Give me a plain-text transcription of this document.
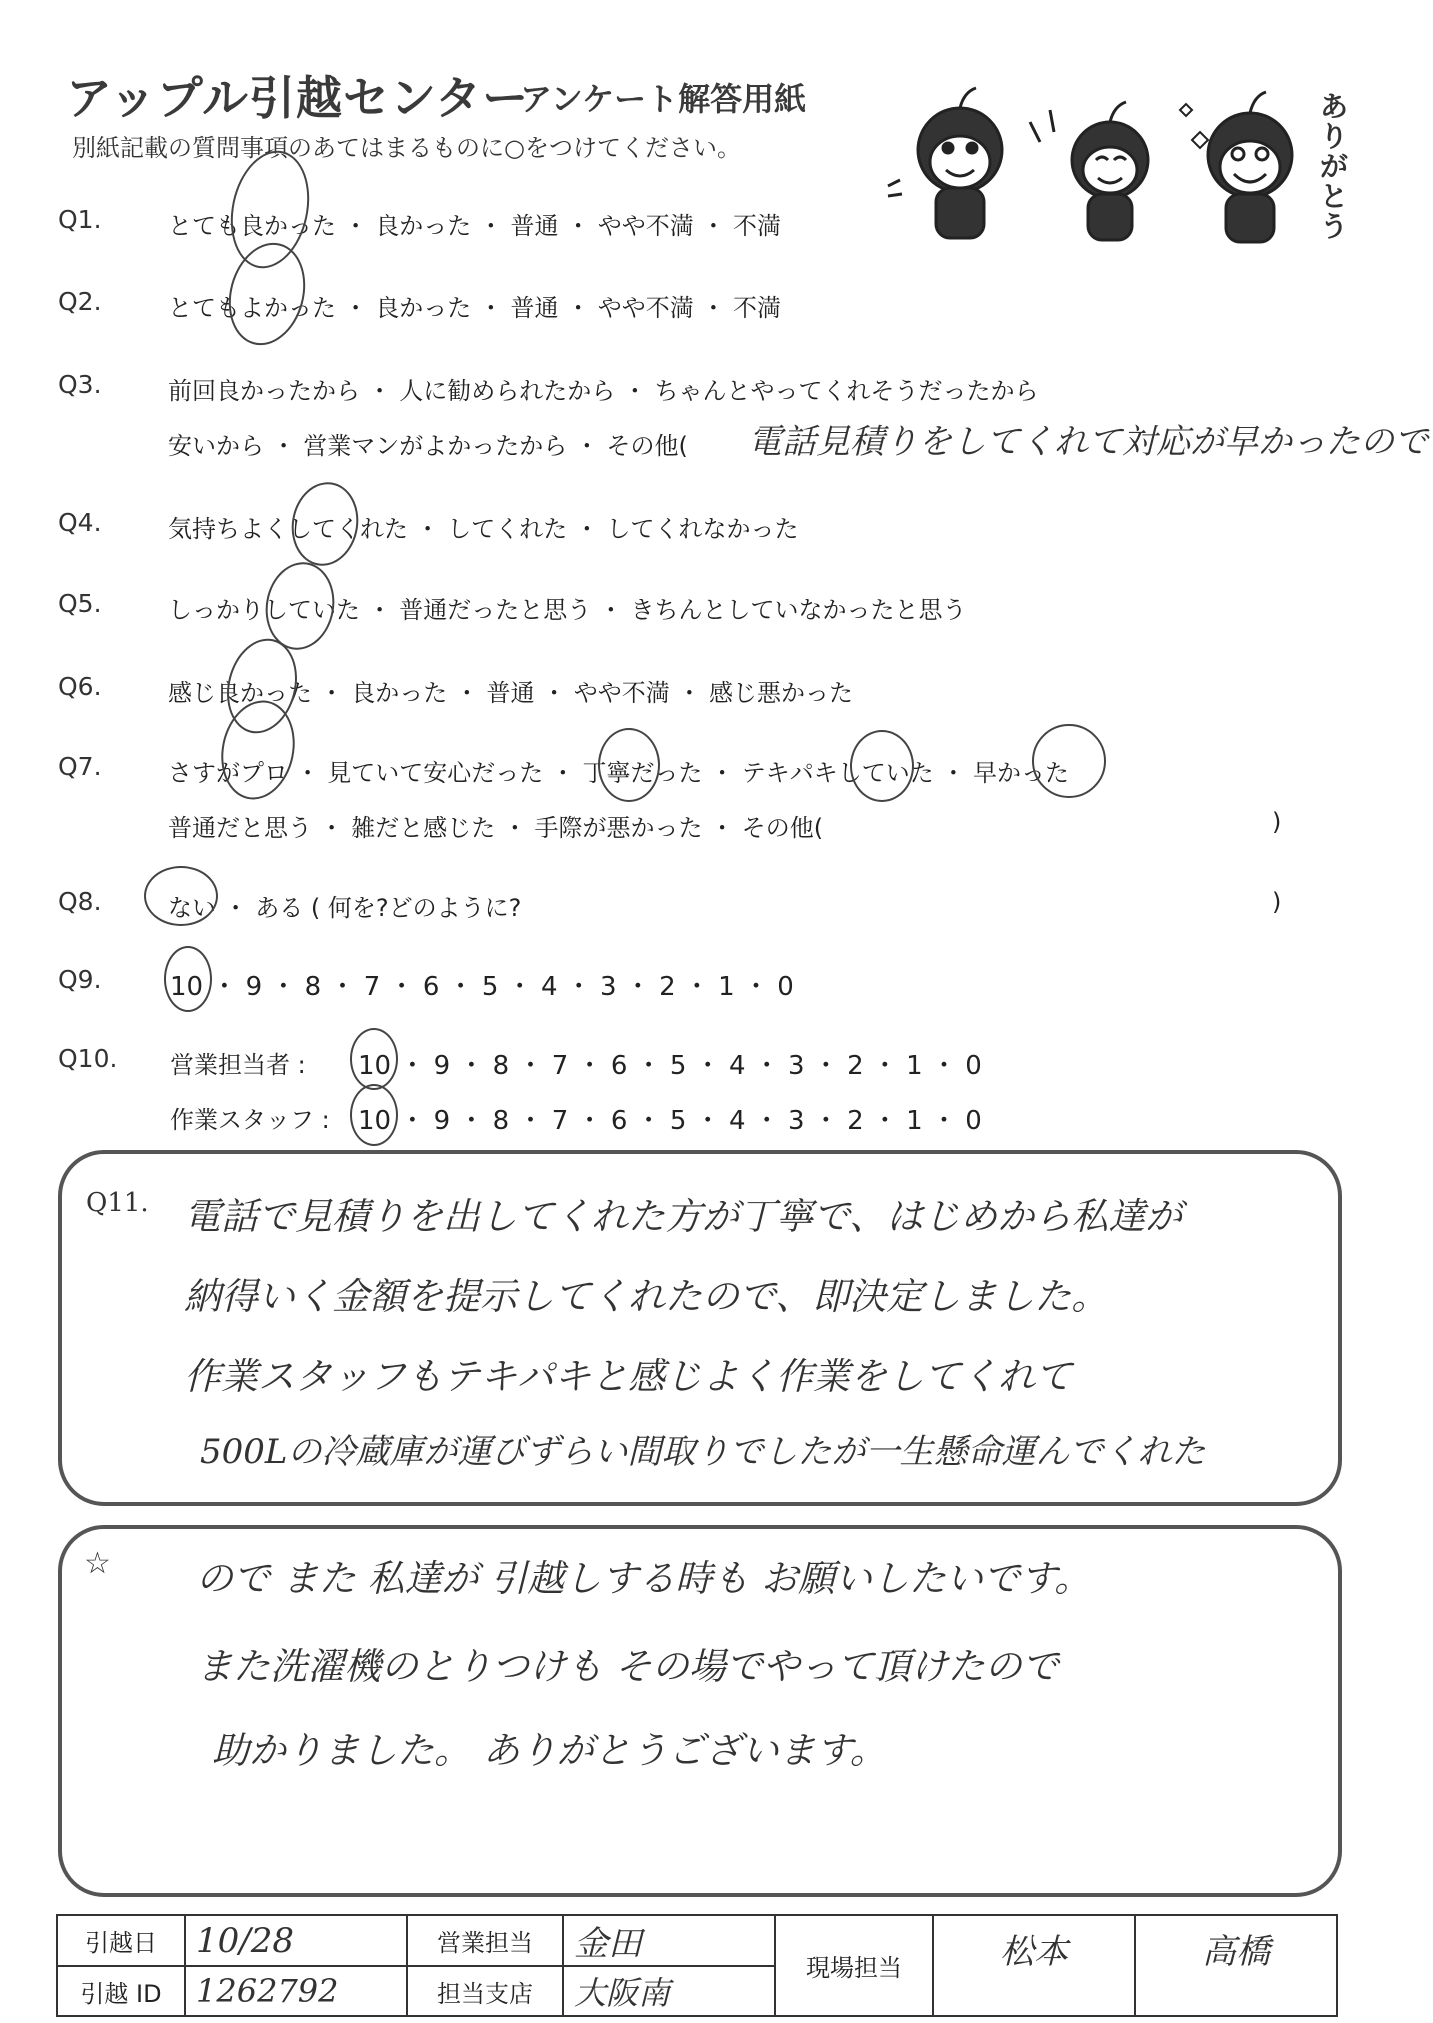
アップル引越センター
アンケート解答用紙
別紙記載の質問事項のあてはまるものに○をつけてください。
ありがとう
Q1.	とても良かった ・ 良かった ・ 普通 ・ やや不満 ・ 不満
Q2.	とてもよかった ・ 良かった ・ 普通 ・ やや不満 ・ 不満
Q3.	前回良かったから ・ 人に勧められたから ・ ちゃんとやってくれそうだったから
安いから ・ 営業マンがよかったから ・ その他( 電話見積りをしてくれて対応が早かったので
Q4.	気持ちよくしてくれた ・ してくれた ・ してくれなかった
Q5.	しっかりしていた ・ 普通だったと思う ・ きちんとしていなかったと思う
Q6.	感じ良かった ・ 良かった ・ 普通 ・ やや不満 ・ 感じ悪かった
Q7.	さすがプロ ・ 見ていて安心だった ・ 丁寧だった ・ テキパキしていた ・ 早かった
普通だと思う ・ 雑だと感じた ・ 手際が悪かった ・ その他(	)
Q8.	ない ・ ある ( 何を?どのように?	)
Q9.	10 ・ 9 ・ 8 ・ 7 ・ 6 ・ 5 ・ 4 ・ 3 ・ 2 ・ 1 ・ 0
Q10. 営業担当者 : 10 ・ 9 ・ 8 ・ 7 ・ 6 ・ 5 ・ 4 ・ 3 ・ 2 ・ 1 ・ 0
作業スタッフ : 10 ・ 9 ・ 8 ・ 7 ・ 6 ・ 5 ・ 4 ・ 3 ・ 2 ・ 1 ・ 0
Q11. 電話で見積りを出してくれた方が丁寧で、はじめから私達が
納得いく金額を提示してくれたので、即決定しました。
作業スタッフもテキパキと感じよく作業をしてくれて
500Lの冷蔵庫が運びずらい間取りでしたが一生懸命運んでくれた
☆ ので また 私達が 引越しする時も お願いしたいです。
また洗濯機のとりつけも その場でやって頂けたので
助かりました。 ありがとうございます。
引越日	10/28	営業担当	金田	現場担当	松本	高橋
引越 ID	1262792	担当支店	大阪南			
